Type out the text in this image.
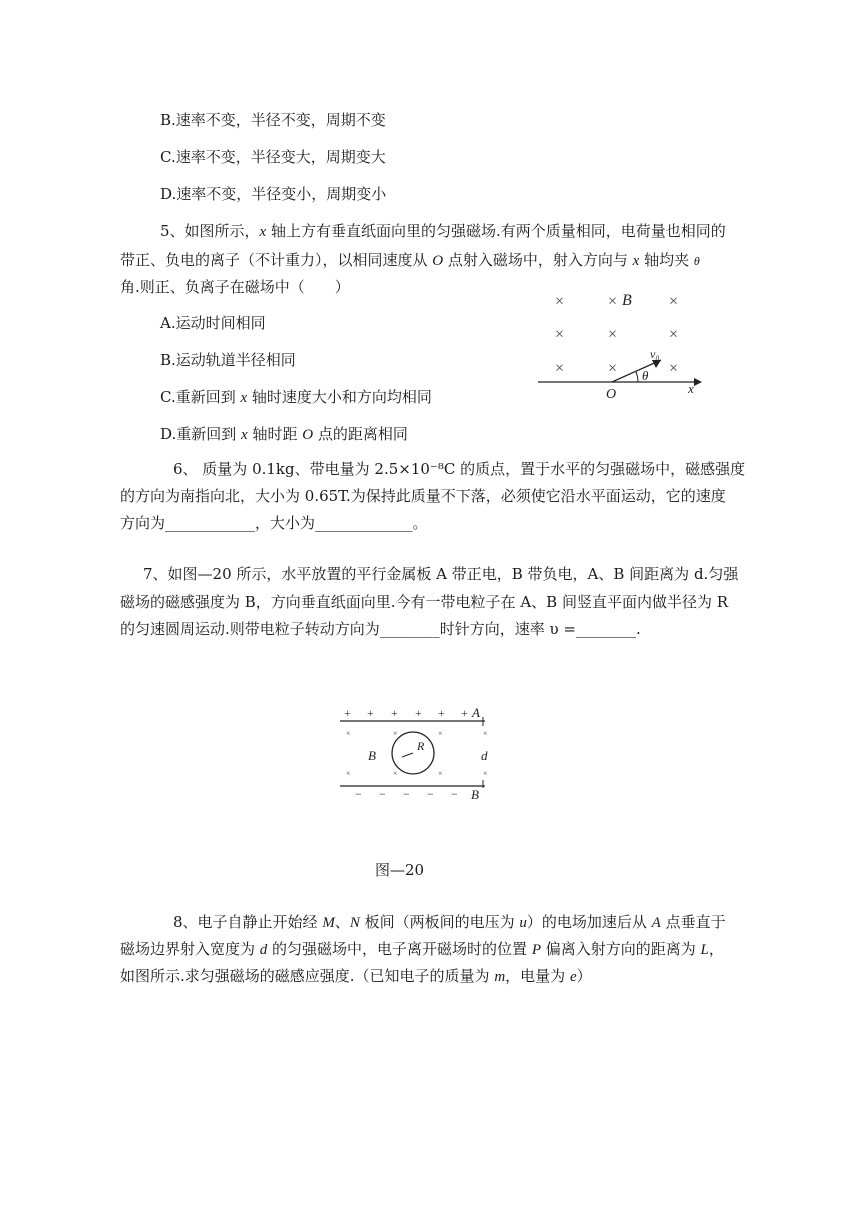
B.速率不变，半径不变，周期不变
C.速率不变，半径变大，周期变大
D.速率不变，半径变小，周期变小
5、如图所示，x 轴上方有垂直纸面向里的匀强磁场.有两个质量相同，电荷量也相同的
带正、负电的离子（不计重力），以相同速度从 O 点射入磁场中，射入方向与 x 轴均夹 θ
角.则正、负离子在磁场中（　　）
A.运动时间相同
B.运动轨道半径相同
C.重新回到 x 轴时速度大小和方向均相同
D.重新回到 x 轴时距 O 点的距离相同
×	×	×
×	×	×
×	×	×
B
v₀
θ
O	x
6、 质量为 0.1kg、带电量为 2.5×10⁻⁸C 的质点，置于水平的匀强磁场中，磁感强度
的方向为南指向北，大小为 0.65T.为保持此质量不下落，必须使它沿水平面运动，它的速度
方向为____________，大小为_____________。
7、如图—20 所示，水平放置的平行金属板 A 带正电，B 带负电，A、B 间距离为 d.匀强
磁场的磁感强度为 B，方向垂直纸面向里.今有一带电粒子在 A、B 间竖直平面内做半径为 R
的匀速圆周运动.则带电粒子转动方向为________时针方向，速率 υ =________.
+ + + + + + A
×	×	×	×
×	×	×	×
B
R
d
− − − − − B
图—20
8、电子自静止开始经 M、N 板间（两板间的电压为 u）的电场加速后从 A 点垂直于
磁场边界射入宽度为 d 的匀强磁场中，电子离开磁场时的位置 P 偏离入射方向的距离为 L，
如图所示.求匀强磁场的磁感应强度.（已知电子的质量为 m，电量为 e）
